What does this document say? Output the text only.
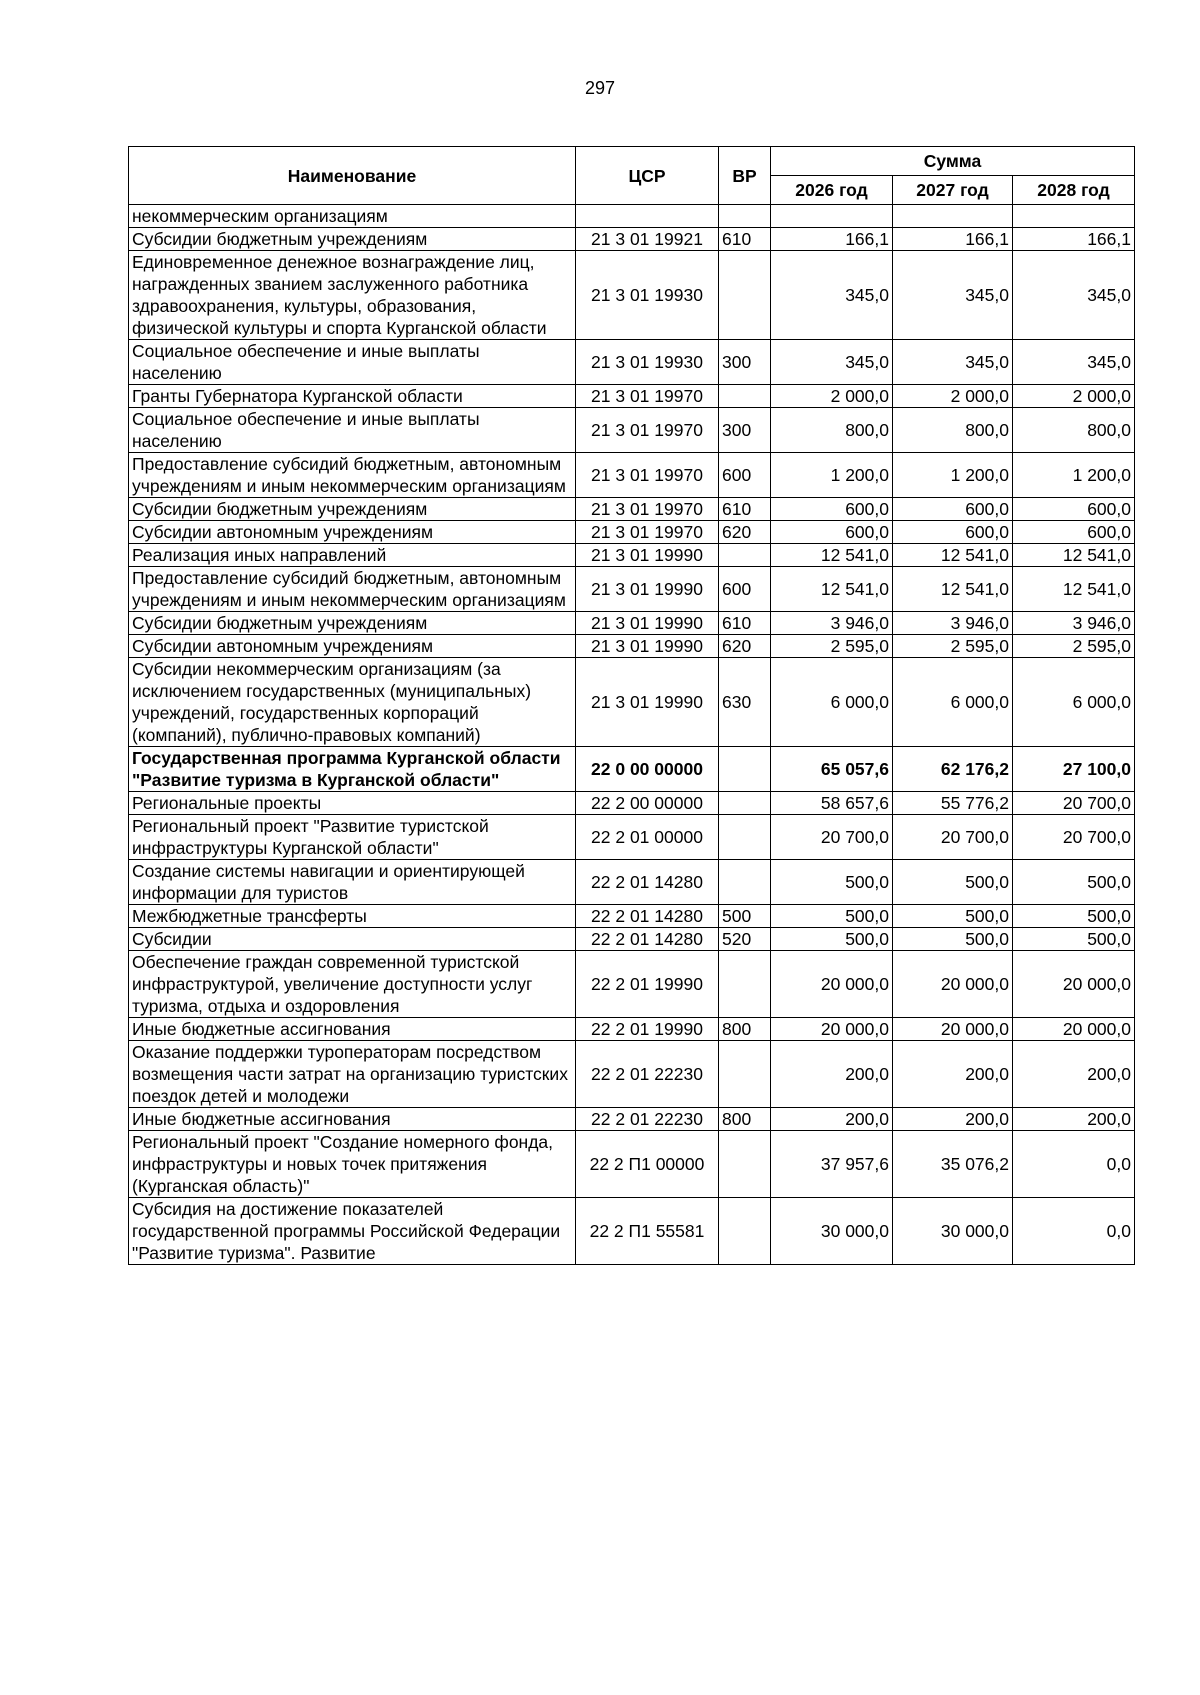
297
Наименование	ЦСР	ВР	Сумма		
			2026 год	2027 год	2028 год
некоммерческим организациям					
Субсидии бюджетным учреждениям	21 3 01 19921	610	166,1	166,1	166,1
Единовременное денежное вознаграждение лиц, награжденных званием заслуженного работника здравоохранения, культуры, образования, физической культуры и спорта Курганской области	21 3 01 19930		345,0	345,0	345,0
Социальное обеспечение и иные выплаты населению	21 3 01 19930	300	345,0	345,0	345,0
Гранты Губернатора Курганской области	21 3 01 19970		2 000,0	2 000,0	2 000,0
Социальное обеспечение и иные выплаты населению	21 3 01 19970	300	800,0	800,0	800,0
Предоставление субсидий бюджетным, автономным учреждениям и иным некоммерческим организациям	21 3 01 19970	600	1 200,0	1 200,0	1 200,0
Субсидии бюджетным учреждениям	21 3 01 19970	610	600,0	600,0	600,0
Субсидии автономным учреждениям	21 3 01 19970	620	600,0	600,0	600,0
Реализация иных направлений	21 3 01 19990		12 541,0	12 541,0	12 541,0
Предоставление субсидий бюджетным, автономным учреждениям и иным некоммерческим организациям	21 3 01 19990	600	12 541,0	12 541,0	12 541,0
Субсидии бюджетным учреждениям	21 3 01 19990	610	3 946,0	3 946,0	3 946,0
Субсидии автономным учреждениям	21 3 01 19990	620	2 595,0	2 595,0	2 595,0
Субсидии некоммерческим организациям (за исключением государственных (муниципальных) учреждений, государственных корпораций (компаний), публично-правовых компаний)	21 3 01 19990	630	6 000,0	6 000,0	6 000,0
Государственная программа Курганской области "Развитие туризма в Курганской области"	22 0 00 00000		65 057,6	62 176,2	27 100,0
Региональные проекты	22 2 00 00000		58 657,6	55 776,2	20 700,0
Региональный проект "Развитие туристской инфраструктуры Курганской области"	22 2 01 00000		20 700,0	20 700,0	20 700,0
Создание системы навигации и ориентирующей информации для туристов	22 2 01 14280		500,0	500,0	500,0
Межбюджетные трансферты	22 2 01 14280	500	500,0	500,0	500,0
Субсидии	22 2 01 14280	520	500,0	500,0	500,0
Обеспечение граждан современной туристской инфраструктурой, увеличение доступности услуг туризма, отдыха и оздоровления	22 2 01 19990		20 000,0	20 000,0	20 000,0
Иные бюджетные ассигнования	22 2 01 19990	800	20 000,0	20 000,0	20 000,0
Оказание поддержки туроператорам посредством возмещения части затрат на организацию туристских поездок детей и молодежи	22 2 01 22230		200,0	200,0	200,0
Иные бюджетные ассигнования	22 2 01 22230	800	200,0	200,0	200,0
Региональный проект "Создание номерного фонда, инфраструктуры и новых точек притяжения (Курганская область)"	22 2 П1 00000		37 957,6	35 076,2	0,0
Субсидия на достижение показателей государственной программы Российской Федерации "Развитие туризма". Развитие	22 2 П1 55581		30 000,0	30 000,0	0,0
